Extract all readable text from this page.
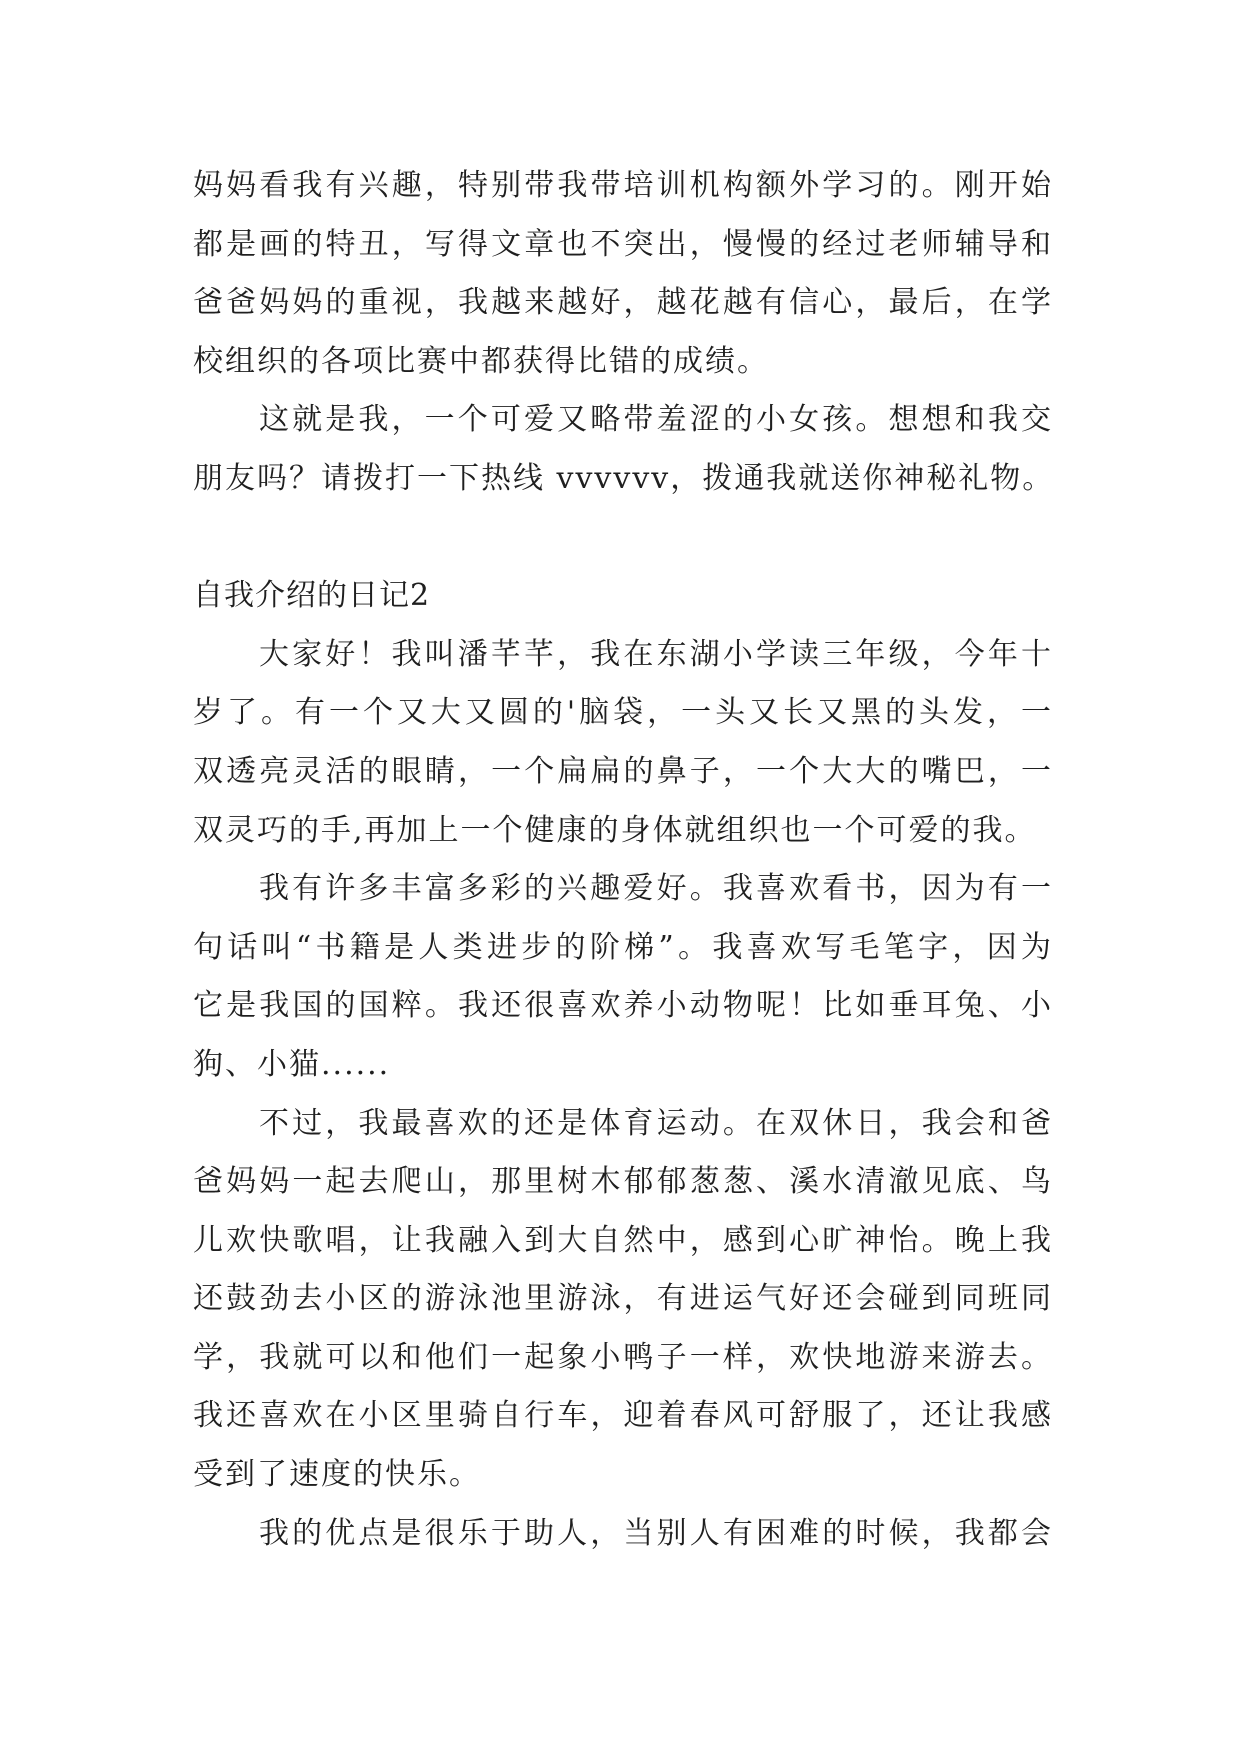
妈妈看我有兴趣，特别带我带培训机构额外学习的。刚开始
都是画的特丑，写得文章也不突出，慢慢的经过老师辅导和
爸爸妈妈的重视，我越来越好，越花越有信心，最后，在学
校组织的各项比赛中都获得比错的成绩。
这就是我，一个可爱又略带羞涩的小女孩。想想和我交
朋友吗？请拨打一下热线 vvvvvv，拨通我就送你神秘礼物。
自我介绍的日记2
大家好！我叫潘芊芊，我在东湖小学读三年级，今年十
岁了。有一个又大又圆的'脑袋，一头又长又黑的头发，一
双透亮灵活的眼睛，一个扁扁的鼻子，一个大大的嘴巴，一
双灵巧的手,再加上一个健康的身体就组织也一个可爱的我。
我有许多丰富多彩的兴趣爱好。我喜欢看书，因为有一
句话叫“书籍是人类进步的阶梯”。我喜欢写毛笔字，因为
它是我国的国粹。我还很喜欢养小动物呢！比如垂耳兔、小
狗、小猫......
不过，我最喜欢的还是体育运动。在双休日，我会和爸
爸妈妈一起去爬山，那里树木郁郁葱葱、溪水清澈见底、鸟
儿欢快歌唱，让我融入到大自然中，感到心旷神怡。晚上我
还鼓劲去小区的游泳池里游泳，有进运气好还会碰到同班同
学，我就可以和他们一起象小鸭子一样，欢快地游来游去。
我还喜欢在小区里骑自行车，迎着春风可舒服了，还让我感
受到了速度的快乐。
我的优点是很乐于助人，当别人有困难的时候，我都会
